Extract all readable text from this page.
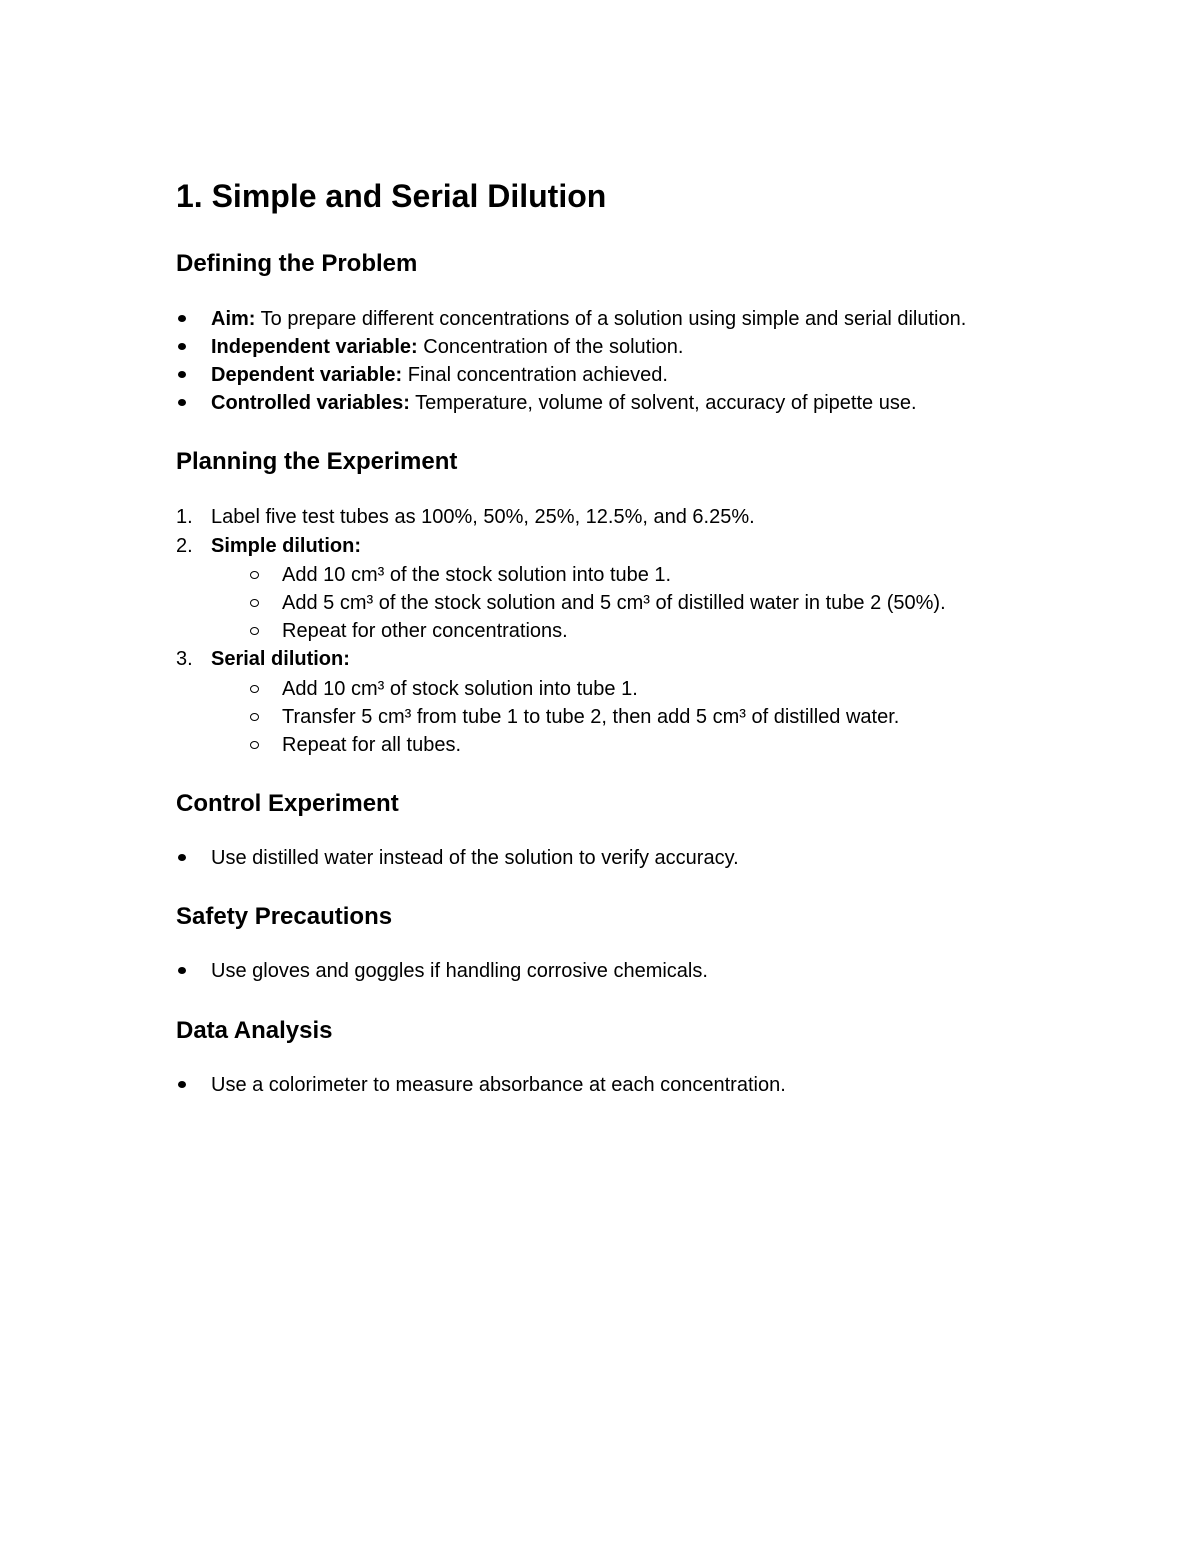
1. Simple and Serial Dilution
Defining the Problem
Aim: To prepare different concentrations of a solution using simple and serial dilution.
Independent variable: Concentration of the solution.
Dependent variable: Final concentration achieved.
Controlled variables: Temperature, volume of solvent, accuracy of pipette use.
Planning the Experiment
1. Label five test tubes as 100%, 50%, 25%, 12.5%, and 6.25%.
2. Simple dilution:
Add 10 cm³ of the stock solution into tube 1.
Add 5 cm³ of the stock solution and 5 cm³ of distilled water in tube 2 (50%).
Repeat for other concentrations.
3. Serial dilution:
Add 10 cm³ of stock solution into tube 1.
Transfer 5 cm³ from tube 1 to tube 2, then add 5 cm³ of distilled water.
Repeat for all tubes.
Control Experiment
Use distilled water instead of the solution to verify accuracy.
Safety Precautions
Use gloves and goggles if handling corrosive chemicals.
Data Analysis
Use a colorimeter to measure absorbance at each concentration.
